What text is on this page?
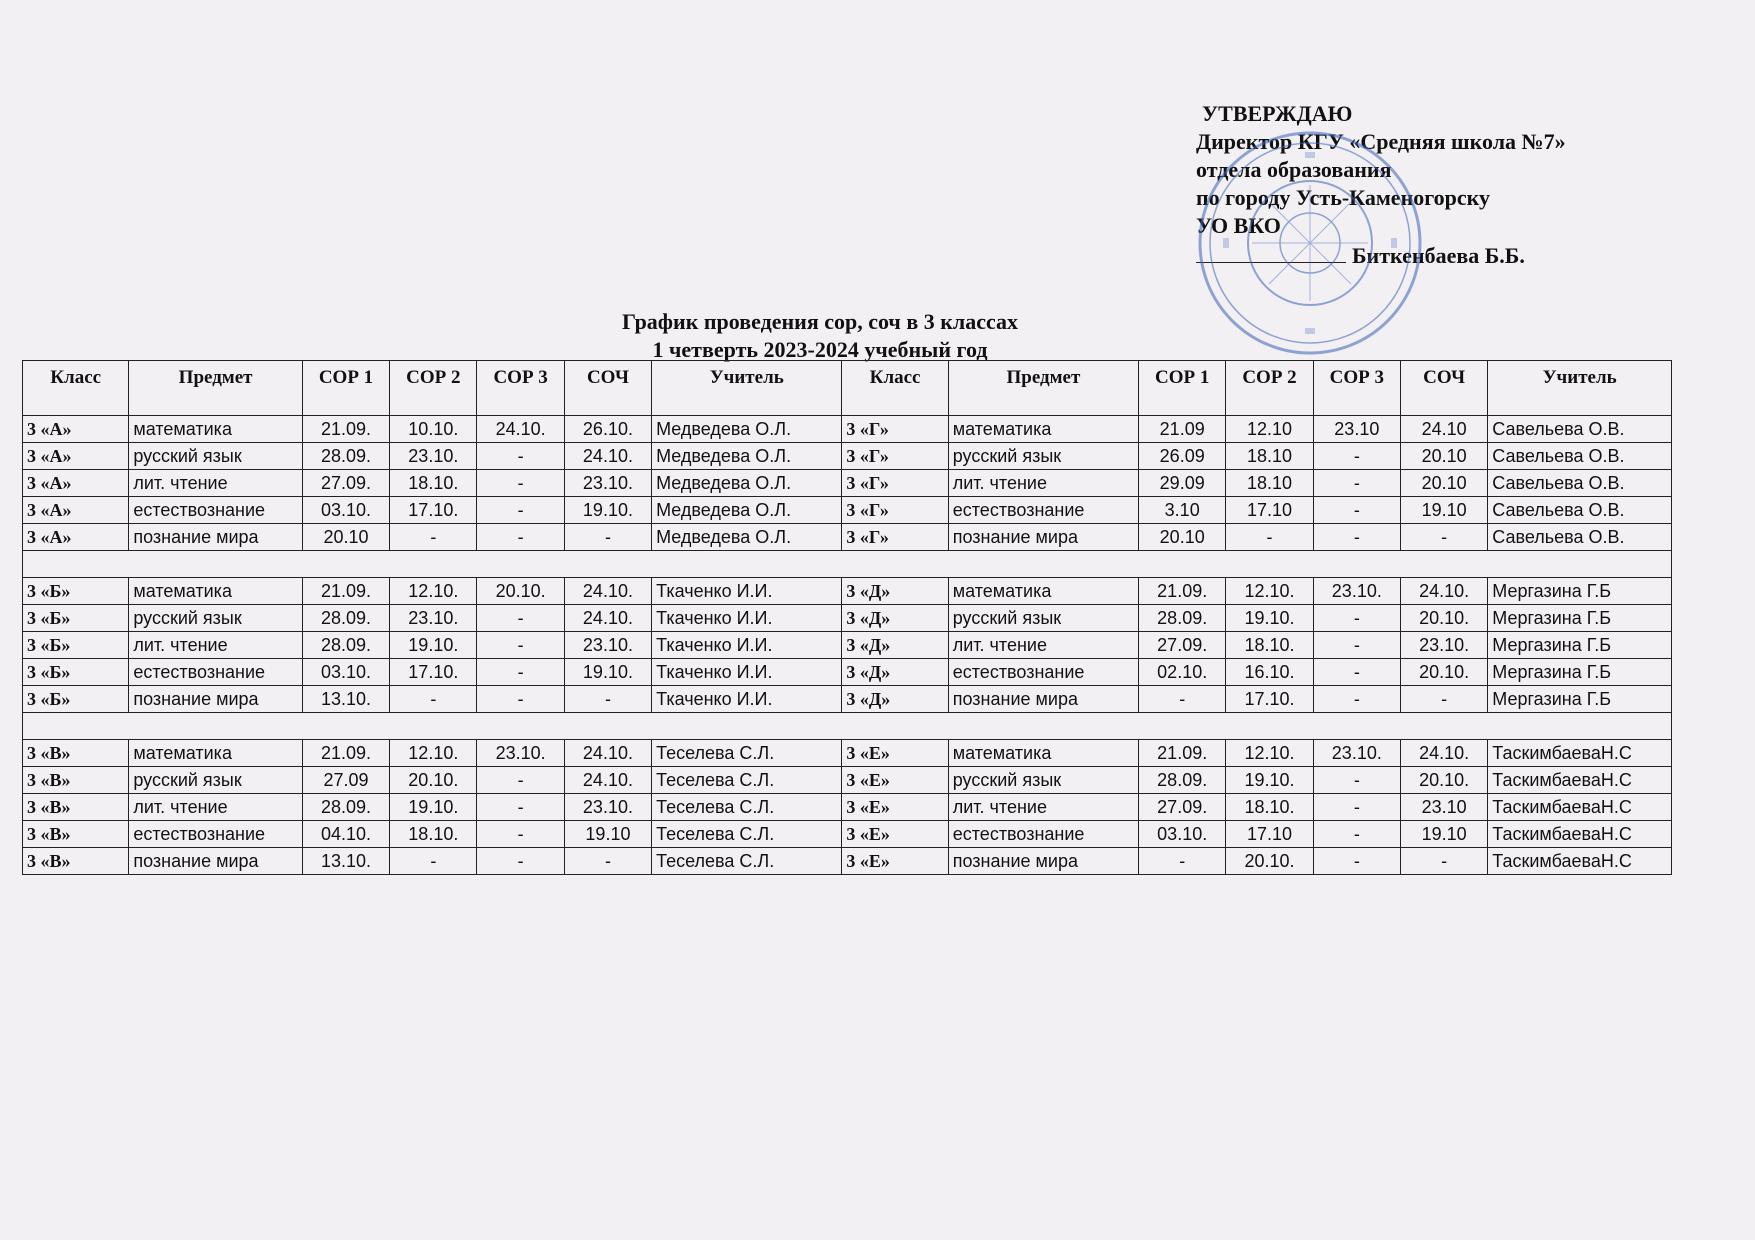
УТВЕРЖДАЮ
Директор КГУ «Средняя школа №7»
отдела образования
по городу Усть-Каменогорску
УО ВКО
Биткенбаева Б.Б.
График проведения сор, соч в 3 классах
1 четверть 2023-2024 учебный год
Класс	Предмет	СОР 1	СОР 2	СОР 3	СОЧ	Учитель	Класс	Предмет	СОР 1	СОР 2	СОР 3	СОЧ	Учитель
3 «А»	математика	21.09.	10.10.	24.10.	26.10.	Медведева О.Л.	3 «Г»	математика	21.09	12.10	23.10	24.10	Савельева О.В.
3 «А»	русский язык	28.09.	23.10.	-	24.10.	Медведева О.Л.	3 «Г»	русский язык	26.09	18.10	-	20.10	Савельева О.В.
3 «А»	лит. чтение	27.09.	18.10.	-	23.10.	Медведева О.Л.	3 «Г»	лит. чтение	29.09	18.10	-	20.10	Савельева О.В.
3 «А»	естествознание	03.10.	17.10.	-	19.10.	Медведева О.Л.	3 «Г»	естествознание	3.10	17.10	-	19.10	Савельева О.В.
3 «А»	познание мира	20.10	-	-	-	Медведева О.Л.	3 «Г»	познание мира	20.10	-	-	-	Савельева О.В.

3 «Б»	математика	21.09.	12.10.	20.10.	24.10.	Ткаченко И.И.	3 «Д»	математика	21.09.	12.10.	23.10.	24.10.	Мергазина Г.Б
3 «Б»	русский язык	28.09.	23.10.	-	24.10.	Ткаченко И.И.	3 «Д»	русский язык	28.09.	19.10.	-	20.10.	Мергазина Г.Б
3 «Б»	лит. чтение	28.09.	19.10.	-	23.10.	Ткаченко И.И.	3 «Д»	лит. чтение	27.09.	18.10.	-	23.10.	Мергазина Г.Б
3 «Б»	естествознание	03.10.	17.10.	-	19.10.	Ткаченко И.И.	3 «Д»	естествознание	02.10.	16.10.	-	20.10.	Мергазина Г.Б
3 «Б»	познание мира	13.10.	-	-	-	Ткаченко И.И.	3 «Д»	познание мира	-	17.10.	-	-	Мергазина Г.Б

3 «В»	математика	21.09.	12.10.	23.10.	24.10.	Теселева С.Л.	3 «Е»	математика	21.09.	12.10.	23.10.	24.10.	ТаскимбаеваН.С
3 «В»	русский язык	27.09	20.10.	-	24.10.	Теселева С.Л.	3 «Е»	русский язык	28.09.	19.10.	-	20.10.	ТаскимбаеваН.С
3 «В»	лит. чтение	28.09.	19.10.	-	23.10.	Теселева С.Л.	3 «Е»	лит. чтение	27.09.	18.10.	-	23.10	ТаскимбаеваН.С
3 «В»	естествознание	04.10.	18.10.	-	19.10	Теселева С.Л.	3 «Е»	естествознание	03.10.	17.10	-	19.10	ТаскимбаеваН.С
3 «В»	познание мира	13.10.	-	-	-	Теселева С.Л.	3 «Е»	познание мира	-	20.10.	-	-	ТаскимбаеваН.С
